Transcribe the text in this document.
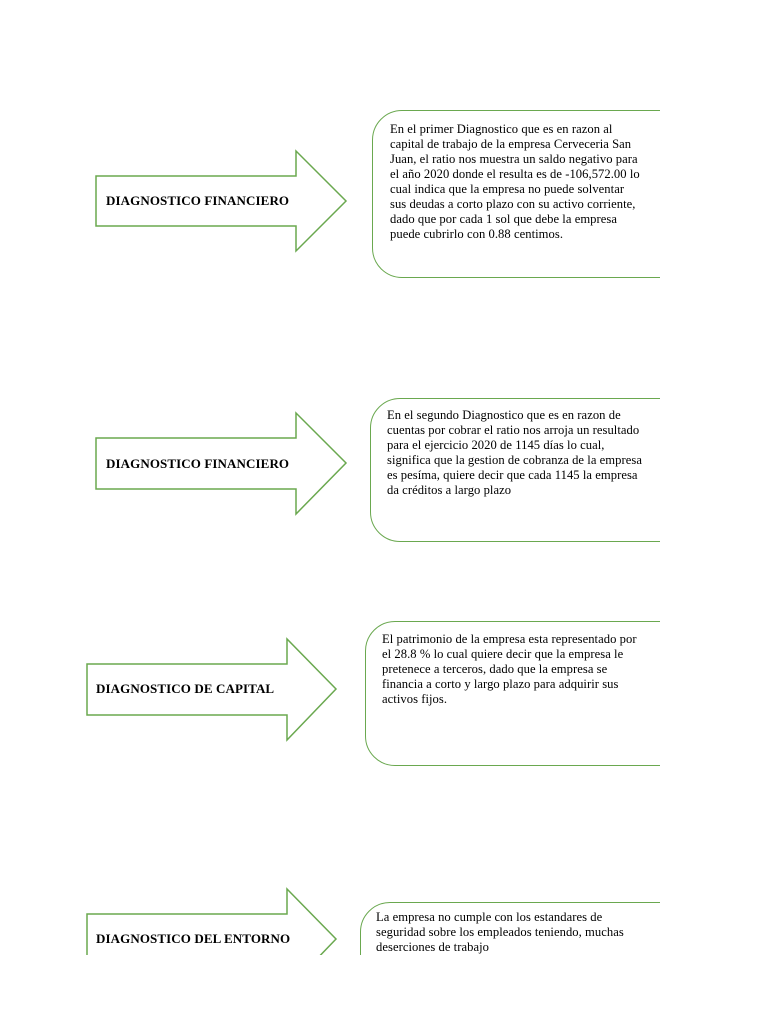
DIAGNOSTICO FINANCIERO
En el primer Diagnostico que es en razon al
capital de trabajo de la empresa Cerveceria San
Juan, el ratio nos muestra un saldo negativo para
el año 2020 donde el resulta es de -106,572.00 lo
cual indica que la empresa no puede solventar
sus deudas a corto plazo con su activo corriente,
dado que por cada 1 sol que debe la empresa
puede cubrirlo con 0.88 centimos.
DIAGNOSTICO FINANCIERO
En el segundo Diagnostico que es en razon de
cuentas por cobrar el ratio nos arroja un resultado
para el ejercicio 2020 de 1145 días lo cual,
significa que la gestion de cobranza de la empresa
es pesíma, quiere decir que cada 1145 la empresa
da créditos a largo plazo
DIAGNOSTICO DE CAPITAL
El patrimonio de la empresa esta representado por
el 28.8 % lo cual quiere decir que la empresa le
pretenece a terceros, dado que la empresa se
financia a corto y largo plazo para adquirir sus
activos fijos.
DIAGNOSTICO DEL ENTORNO
La empresa no cumple con los estandares de
seguridad sobre los empleados teniendo, muchas
deserciones de trabajo
